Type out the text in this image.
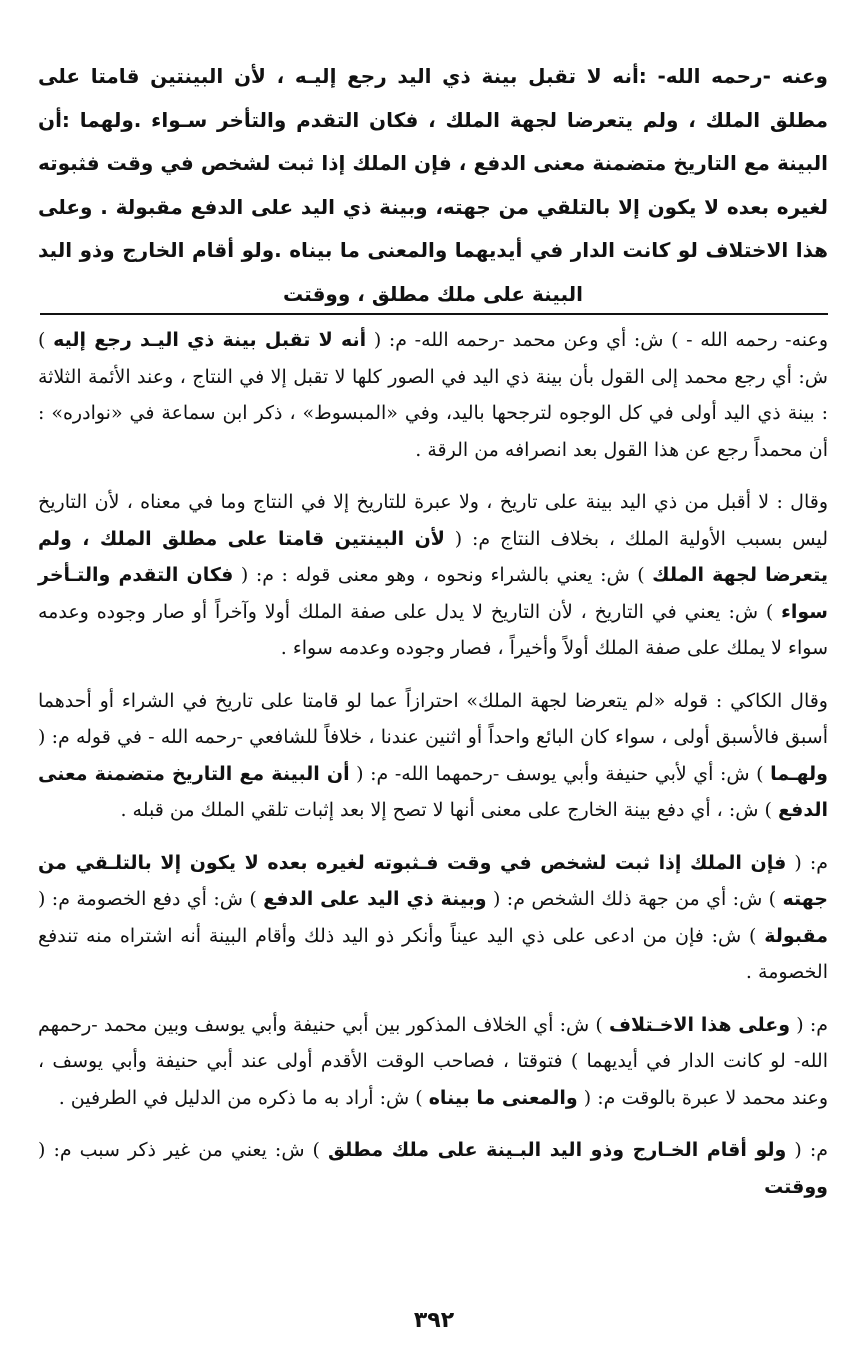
وعنه -رحمه الله- :أنه لا تقبل بينة ذي اليد رجع إليـه ، لأن البينتين قامتا على مطلق الملك ، ولم يتعرضا لجهة الملك ، فكان التقدم والتأخر سـواء .ولهما :أن البينة مع التاريخ متضمنة معنى الدفع ، فإن الملك إذا ثبت لشخص في وقت فثبوته لغيره بعده لا يكون إلا بالتلقي من جهته، وبينة ذي اليد على الدفع مقبولة . وعلى هذا الاختلاف لو كانت الدار في أيديهما والمعنى ما بيناه .ولو أقام الخارج وذو اليد البينة على ملك مطلق ، ووقتت

وعنه- رحمه الله - ) ش: أي وعن محمد -رحمه الله- م: ( أنه لا تقبل بينة ذي اليـد رجع إليه ) ش: أي رجع محمد إلى القول بأن بينة ذي اليد في الصور كلها لا تقبل إلا في النتاج ، وعند الأئمة الثلاثة : بينة ذي اليد أولى في كل الوجوه لترجحها باليد، وفي «المبسوط» ، ذكر ابن سماعة في «نوادره» : أن محمداً رجع عن هذا القول بعد انصرافه من الرقة .

وقال : لا أقبل من ذي اليد بينة على تاريخ ، ولا عبرة للتاريخ إلا في النتاج وما في معناه ، لأن التاريخ ليس بسبب الأولية الملك ، بخلاف النتاج م: ( لأن البينتين قامتا على مطلق الملك ، ولم يتعرضا لجهة الملك ) ش: يعني بالشراء ونحوه ، وهو معنى قوله : م: ( فكان التقدم والتـأخر سواء ) ش: يعني في التاريخ ، لأن التاريخ لا يدل على صفة الملك أولا وآخراً أو صار وجوده وعدمه سواء لا يملك على صفة الملك أولاً وأخيراً ، فصار وجوده وعدمه سواء .

وقال الكاكي : قوله «لم يتعرضا لجهة الملك» احترازاً عما لو قامتا على تاريخ في الشراء أو أحدهما أسبق فالأسبق أولى ، سواء كان البائع واحداً أو اثنين عندنا ، خلافاً للشافعي -رحمه الله - في قوله م: ( ولهـما ) ش: أي لأبي حنيفة وأبي يوسف -رحمهما الله- م: ( أن البينة مع التاريخ متضمنة معنى الدفع ) ش: ، أي دفع بينة الخارج على معنى أنها لا تصح إلا بعد إثبات تلقي الملك من قبله .

م: ( فإن الملك إذا ثبت لشخص في وقت فـثبوته لغيره بعده لا يكون إلا بالتلـقي من جهته ) ش: أي من جهة ذلك الشخص م: ( وبينة ذي اليد على الدفع ) ش: أي دفع الخصومة م: ( مقبولة ) ش: فإن من ادعى على ذي اليد عيناً وأنكر ذو اليد ذلك وأقام البينة أنه اشتراه منه تندفع الخصومة .

م: ( وعلى هذا الاخـتلاف ) ش: أي الخلاف المذكور بين أبي حنيفة وأبي يوسف وبين محمد -رحمهم الله- لو كانت الدار في أيديهما ) فتوقتا ، فصاحب الوقت الأقدم أولى عند أبي حنيفة وأبي يوسف ، وعند محمد لا عبرة بالوقت م: ( والمعنى ما بيناه ) ش: أراد به ما ذكره من الدليل في الطرفين .

م: ( ولو أقام الخـارج وذو اليد البـينة على ملك مطلق ) ش: يعني من غير ذكر سبب م: ( ووقتت

٣٩٢
